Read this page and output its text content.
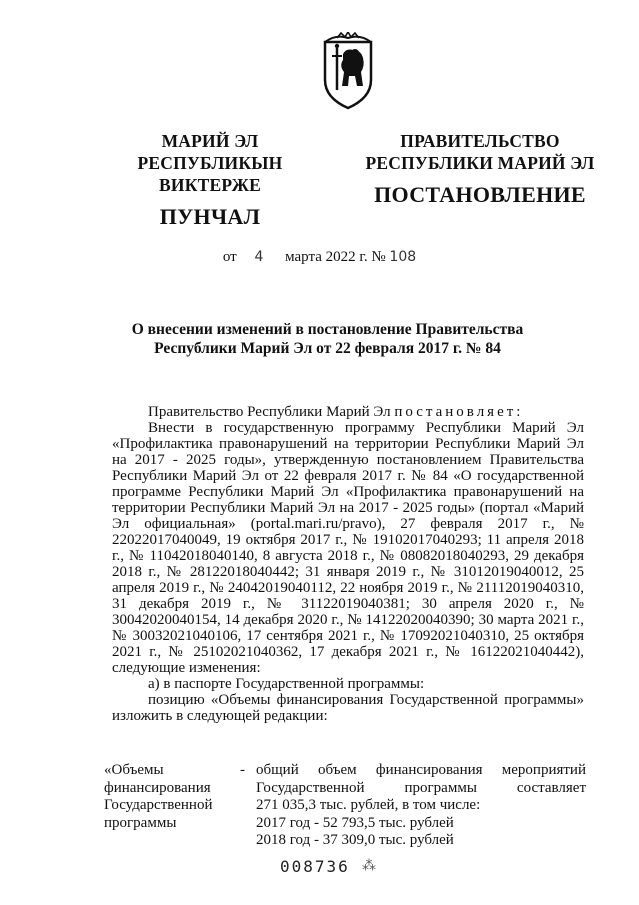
МАРИЙ ЭЛ РЕСПУБЛИКЫН
ВИКТЕРЖЕ
ПУНЧАЛ
ПРАВИТЕЛЬСТВО
РЕСПУБЛИКИ МАРИЙ ЭЛ
ПОСТАНОВЛЕНИЕ
от 4 марта 2022 г. № 108
О внесении изменений в постановление Правительства
Республики Марий Эл от 22 февраля 2017 г. № 84

Правительство Республики Марий Эл постановляет:

Внести в государственную программу Республики Марий Эл «Профилактика правонарушений на территории Республики Марий Эл на 2017 - 2025 годы», утвержденную постановлением Правительства Республики Марий Эл от 22 февраля 2017 г. № 84 «О государственной программе Республики Марий Эл «Профилактика правонарушений на территории Республики Марий Эл на 2017 - 2025 годы» (портал «Марий Эл официальная» (portal.mari.ru/pravo), 27 февраля 2017 г., № 22022017040049, 19 октября 2017 г., № 19102017040293; 11 апреля 2018 г., № 11042018040140, 8 августа 2018 г., № 08082018040293, 29 декабря 2018 г., № 28122018040442; 31 января 2019 г., № 31012019040012, 25 апреля 2019 г., № 24042019040112, 22 ноября 2019 г., № 21112019040310, 31 декабря 2019 г., № 31122019040381; 30 апреля 2020 г., № 30042020040154, 14 декабря 2020 г., № 14122020040390; 30 марта 2021 г., № 30032021040106, 17 сентября 2021 г., № 17092021040310, 25 октября 2021 г., № 25102021040362, 17 декабря 2021 г., № 16122021040442), следующие изменения:

а) в паспорте Государственной программы:

позицию «Объемы финансирования Государственной программы» изложить в следующей редакции:

«Объемы
финансирования
Государственной
программы
- общий объем финансирования мероприятий
Государственной программы составляет
271 035,3 тыс. рублей, в том числе:
2017 год - 52 793,5 тыс. рублей
2018 год - 37 309,0 тыс. рублей
008736 ⁂
